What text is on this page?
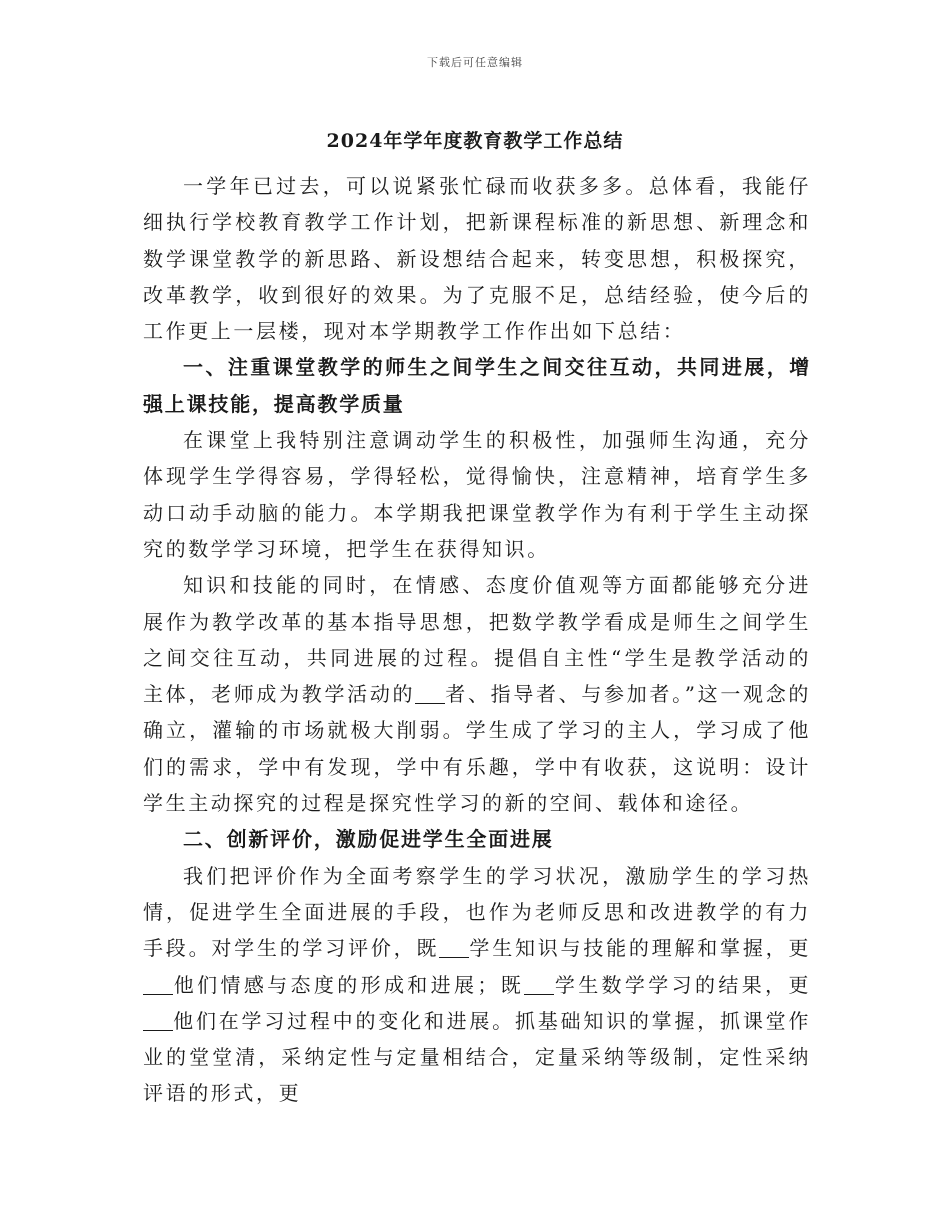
下载后可任意编辑
2024年学年度教育教学工作总结

一学年已过去，可以说紧张忙碌而收获多多。总体看，我能仔细执行学校教育教学工作计划，把新课程标准的新思想、新理念和数学课堂教学的新思路、新设想结合起来，转变思想，积极探究，改革教学，收到很好的效果。为了克服不足，总结经验，使今后的工作更上一层楼，现对本学期教学工作作出如下总结：

一、注重课堂教学的师生之间学生之间交往互动，共同进展，增强上课技能，提高教学质量

在课堂上我特别注意调动学生的积极性，加强师生沟通，充分体现学生学得容易，学得轻松，觉得愉快，注意精神，培育学生多动口动手动脑的能力。本学期我把课堂教学作为有利于学生主动探究的数学学习环境，把学生在获得知识。

知识和技能的同时，在情感、态度价值观等方面都能够充分进展作为教学改革的基本指导思想，把数学教学看成是师生之间学生之间交往互动，共同进展的过程。提倡自主性“学生是教学活动的主体，老师成为教学活动的 者、指导者、与参加者。”这一观念的确立，灌输的市场就极大削弱。学生成了学习的主人，学习成了他们的需求，学中有发现，学中有乐趣，学中有收获，这说明：设计学生主动探究的过程是探究性学习的新的空间、载体和途径。

二、创新评价，激励促进学生全面进展

我们把评价作为全面考察学生的学习状况，激励学生的学习热情，促进学生全面进展的手段，也作为老师反思和改进教学的有力手段。对学生的学习评价，既 学生知识与技能的理解和掌握，更他们情感与态度的形成和进展；既 学生数学学习的结果，更他们在学习过程中的变化和进展。抓基础知识的掌握，抓课堂作业的堂堂清，采纳定性与定量相结合，定量采纳等级制，定性采纳评语的形式，更
